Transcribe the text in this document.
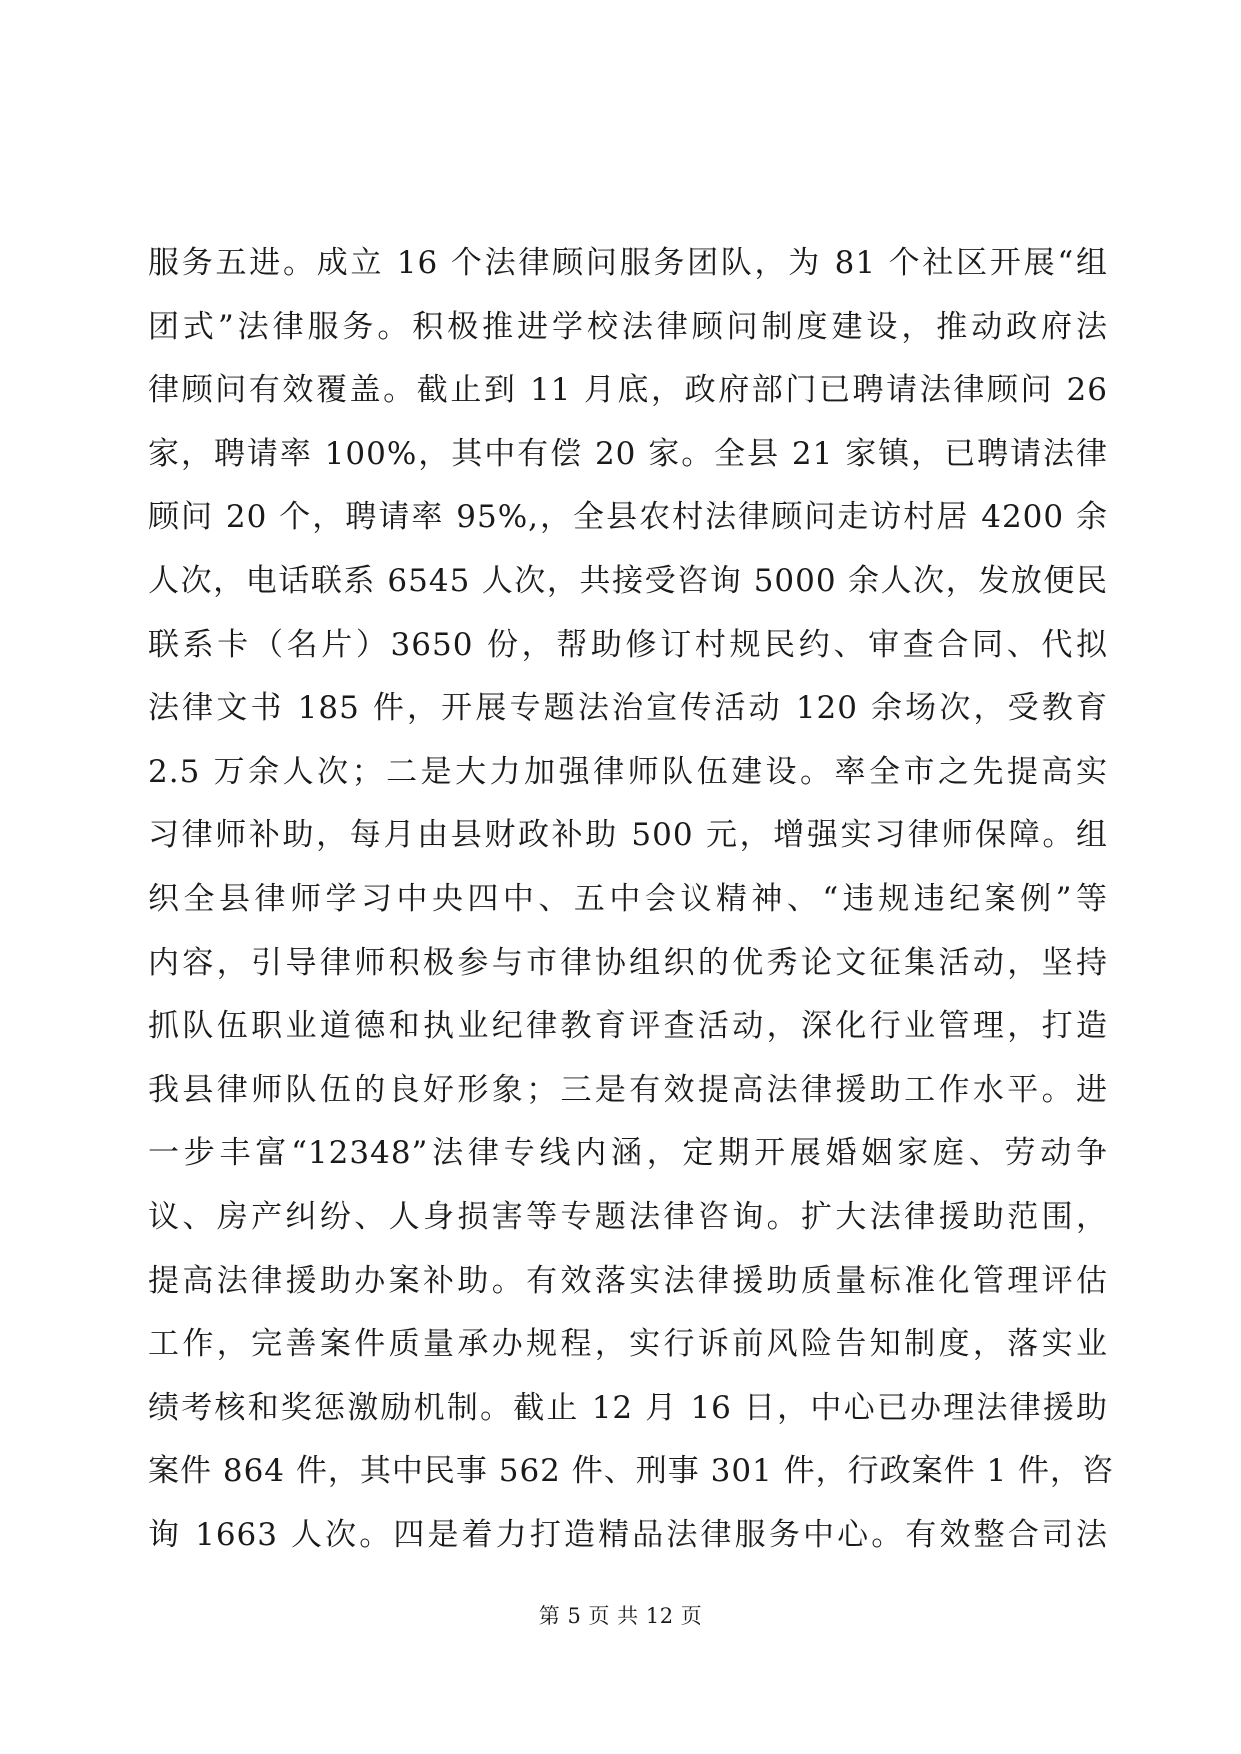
服务五进。成立 16 个法律顾问服务团队，为 81 个社区开展“组
团式”法律服务。积极推进学校法律顾问制度建设，推动政府法
律顾问有效覆盖。截止到 11 月底，政府部门已聘请法律顾问 26
家，聘请率 100%，其中有偿 20 家。全县 21 家镇，已聘请法律
顾问 20 个，聘请率 95%,，全县农村法律顾问走访村居 4200 余
人次，电话联系 6545 人次，共接受咨询 5000 余人次，发放便民
联系卡（名片）3650 份，帮助修订村规民约、审查合同、代拟
法律文书 185 件，开展专题法治宣传活动 120 余场次，受教育
2.5 万余人次；二是大力加强律师队伍建设。率全市之先提高实
习律师补助，每月由县财政补助 500 元，增强实习律师保障。组
织全县律师学习中央四中、五中会议精神、“违规违纪案例”等
内容，引导律师积极参与市律协组织的优秀论文征集活动，坚持
抓队伍职业道德和执业纪律教育评查活动，深化行业管理，打造
我县律师队伍的良好形象；三是有效提高法律援助工作水平。进
一步丰富“12348”法律专线内涵，定期开展婚姻家庭、劳动争
议、房产纠纷、人身损害等专题法律咨询。扩大法律援助范围，
提高法律援助办案补助。有效落实法律援助质量标准化管理评估
工作，完善案件质量承办规程，实行诉前风险告知制度，落实业
绩考核和奖惩激励机制。截止 12 月 16 日，中心已办理法律援助
案件 864 件，其中民事 562 件、刑事 301 件，行政案件 1 件，咨
询 1663 人次。四是着力打造精品法律服务中心。有效整合司法
第 5 页 共 12 页
